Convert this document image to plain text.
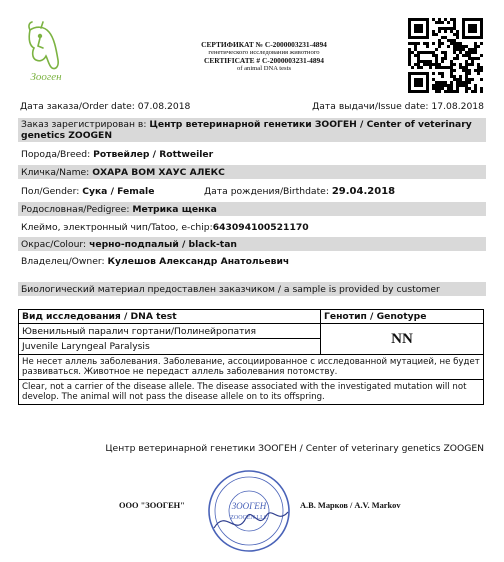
Зооген
СЕРТИФИКАТ № С-2000003231-4894
генетического исследования животного
CERTIFICATE # C-2000003231-4894
of animal DNA tests
Дата заказа/Order date: 07.08.2018	Дата выдачи/Issue date: 17.08.2018
Заказ зарегистрирован в: Центр ветеринарной генетики ЗООГЕН / Center of veterinary genetics ZOOGEN
Порода/Breed:
Ротвейлер / Rottweiler
Кличка/Name:
ОХАРА ВОМ ХАУС АЛЕКС
Пол/Gender:
Сука / Female	Дата рождения/Birthdate: 29.04.2018
Родословная/Pedigree:
Метрика щенка
Клеймо, электронный чип/Tatoo, e-chip: 643094100521170
Окрас/Colour:
черно-подпалый / black-tan
Владелец/Owner:
Кулешов Александр Анатольевич
Биологический материал предоставлен заказчиком / a sample is provided by customer
Вид исследования / DNA test	Генотип / Genotype
Ювенильный паралич гортани/Полинейропатия
Juvenile Laryngeal Paralysis	NN
Не несет аллель заболевания. Заболевание, ассоциированное с исследованной мутацией, не будет развиваться. Животное не передаст аллель заболевания потомству.
Clear, not a carrier of the disease allele. The disease associated with the investigated mutation will not develop. The animal will not pass the disease allele on to its offspring.
Центр ветеринарной генетики ЗООГЕН / Center of veterinary genetics ZOOGEN
ООО "ЗООГЕН"	А.В. Марков / A.V. Markov
ЗООГЕН
ZOOGEN LLC
